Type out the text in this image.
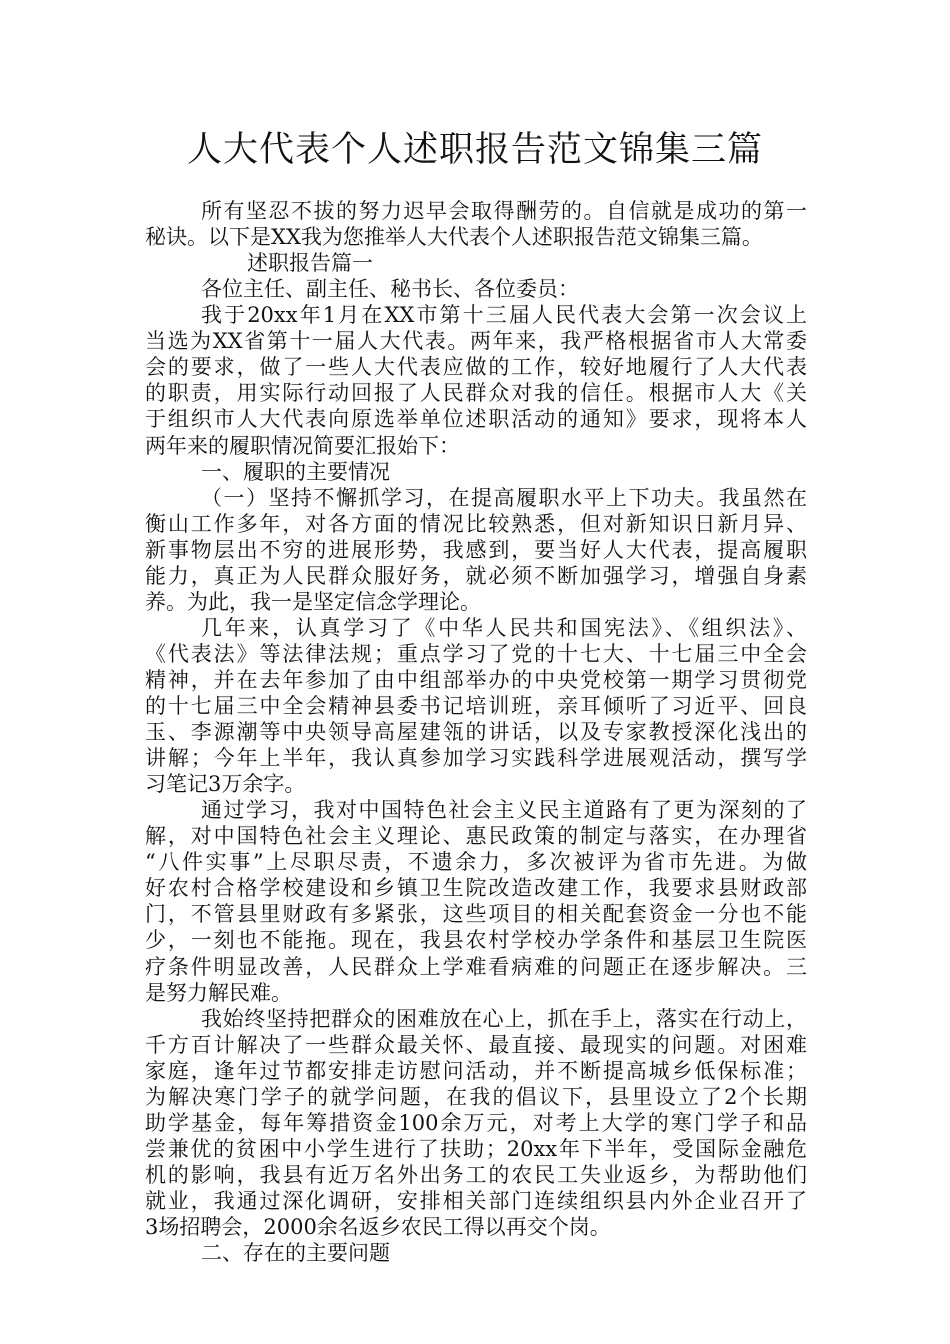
人大代表个人述职报告范文锦集三篇
所有坚忍不拔的努力迟早会取得酬劳的。自信就是成功的第一
秘诀。以下是XX我为您推举人大代表个人述职报告范文锦集三篇。
述职报告篇一
各位主任、副主任、秘书长、各位委员：
我于20xx年1月在XX市第十三届人民代表大会第一次会议上
当选为XX省第十一届人大代表。两年来，我严格根据省市人大常委
会的要求，做了一些人大代表应做的工作，较好地履行了人大代表
的职责，用实际行动回报了人民群众对我的信任。根据市人大《关
于组织市人大代表向原选举单位述职活动的通知》要求，现将本人
两年来的履职情况简要汇报始下：
一、履职的主要情况
（一）坚持不懈抓学习，在提高履职水平上下功夫。我虽然在
衡山工作多年，对各方面的情况比较熟悉，但对新知识日新月异、
新事物层出不穷的进展形势，我感到，要当好人大代表，提高履职
能力，真正为人民群众服好务，就必须不断加强学习，增强自身素
养。为此，我一是坚定信念学理论。
几年来，认真学习了《中华人民共和国宪法》、《组织法》、
《代表法》等法律法规；重点学习了党的十七大、十七届三中全会
精神，并在去年参加了由中组部举办的中央党校第一期学习贯彻党
的十七届三中全会精神县委书记培训班，亲耳倾听了习近平、回良
玉、李源潮等中央领导高屋建瓴的讲话，以及专家教授深化浅出的
讲解；今年上半年，我认真参加学习实践科学进展观活动，撰写学
习笔记3万余字。
通过学习，我对中国特色社会主义民主道路有了更为深刻的了
解，对中国特色社会主义理论、惠民政策的制定与落实，在办理省
“八件实事”上尽职尽责，不遗余力，多次被评为省市先进。为做
好农村合格学校建设和乡镇卫生院改造改建工作，我要求县财政部
门，不管县里财政有多紧张，这些项目的相关配套资金一分也不能
少，一刻也不能拖。现在，我县农村学校办学条件和基层卫生院医
疗条件明显改善，人民群众上学难看病难的问题正在逐步解决。三
是努力解民难。
我始终坚持把群众的困难放在心上，抓在手上，落实在行动上，
千方百计解决了一些群众最关怀、最直接、最现实的问题。对困难
家庭，逢年过节都安排走访慰问活动，并不断提高城乡低保标准；
为解决寒门学子的就学问题，在我的倡议下，县里设立了2个长期
助学基金，每年筹措资金100余万元，对考上大学的寒门学子和品
尝兼优的贫困中小学生进行了扶助；20xx年下半年，受国际金融危
机的影响，我县有近万名外出务工的农民工失业返乡，为帮助他们
就业，我通过深化调研，安排相关部门连续组织县内外企业召开了
3场招聘会，2000余名返乡农民工得以再交个岗。
二、存在的主要问题
